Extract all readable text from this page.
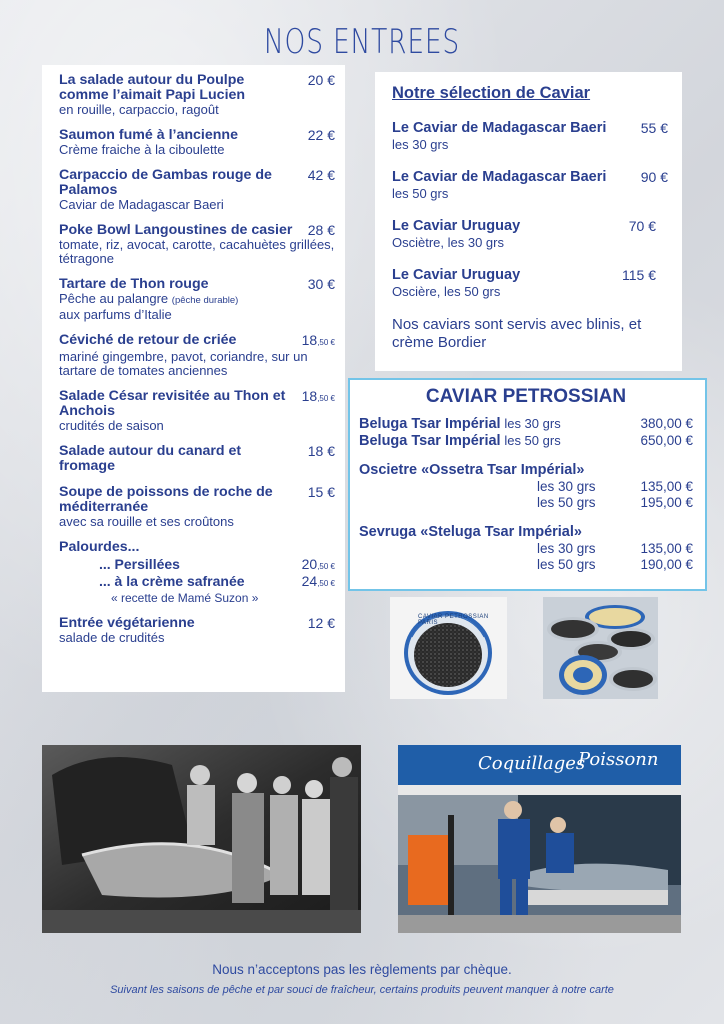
NOS ENTREES
La salade autour du Poulpe comme l’aimait Papi Lucien
20 €
en rouille, carpaccio, ragoût
Saumon fumé à l’ancienne	22 €
Crème fraiche à la ciboulette
Carpaccio de Gambas rouge de Palamos
42 €
Caviar de Madagascar Baeri
Poke Bowl Langoustines de casier	28 €
tomate, riz, avocat, carotte, cacahuètes grillées, tétragone
Tartare de Thon rouge	30 €
Pêche au palangre (pêche durable)
aux parfums d’Italie
Céviché de retour de criée	18,50 €
mariné gingembre, pavot, coriandre, sur un tartare de tomates anciennes
Salade César revisitée au Thon et Anchois
18,50 €
crudités de saison
Salade autour du canard et fromage
18 €
Soupe de poissons de roche de méditerranée
15 €
avec sa rouille et ses croûtons
Palourdes...
... Persillées	20,50 €
... à la crème safranée	24,50 €
« recette de Mamé Suzon »
Entrée végétarienne	12 €
salade de crudités
Notre sélection de Caviar
Le Caviar de Madagascar Baeri 55 €
les 30 grs
Le Caviar de Madagascar Baeri 90 €
les 50 grs
Le Caviar Uruguay	70 €
Osciètre, les 30 grs
Le Caviar Uruguay	115 €
Oscière, les 50 grs
Nos caviars sont servis avec blinis, et crème Bordier
CAVIAR PETROSSIAN
Beluga Tsar Impérial les 30 grs	380,00 €
Beluga Tsar Impérial les 50 grs	650,00 €
Oscietre «Ossetra Tsar Impérial»
les 30 grs	135,00 €
les 50 grs	195,00 €
Sevruga «Steluga Tsar Impérial»
les 30 grs	135,00 €
les 50 grs	190,00 €
CAVIAR PETROSSIAN PARIS
Coquillages
Poissonn
Nous n’acceptons pas les règlements par chèque.
Suivant les saisons de pêche et par souci de fraîcheur, certains produits peuvent manquer à notre carte
